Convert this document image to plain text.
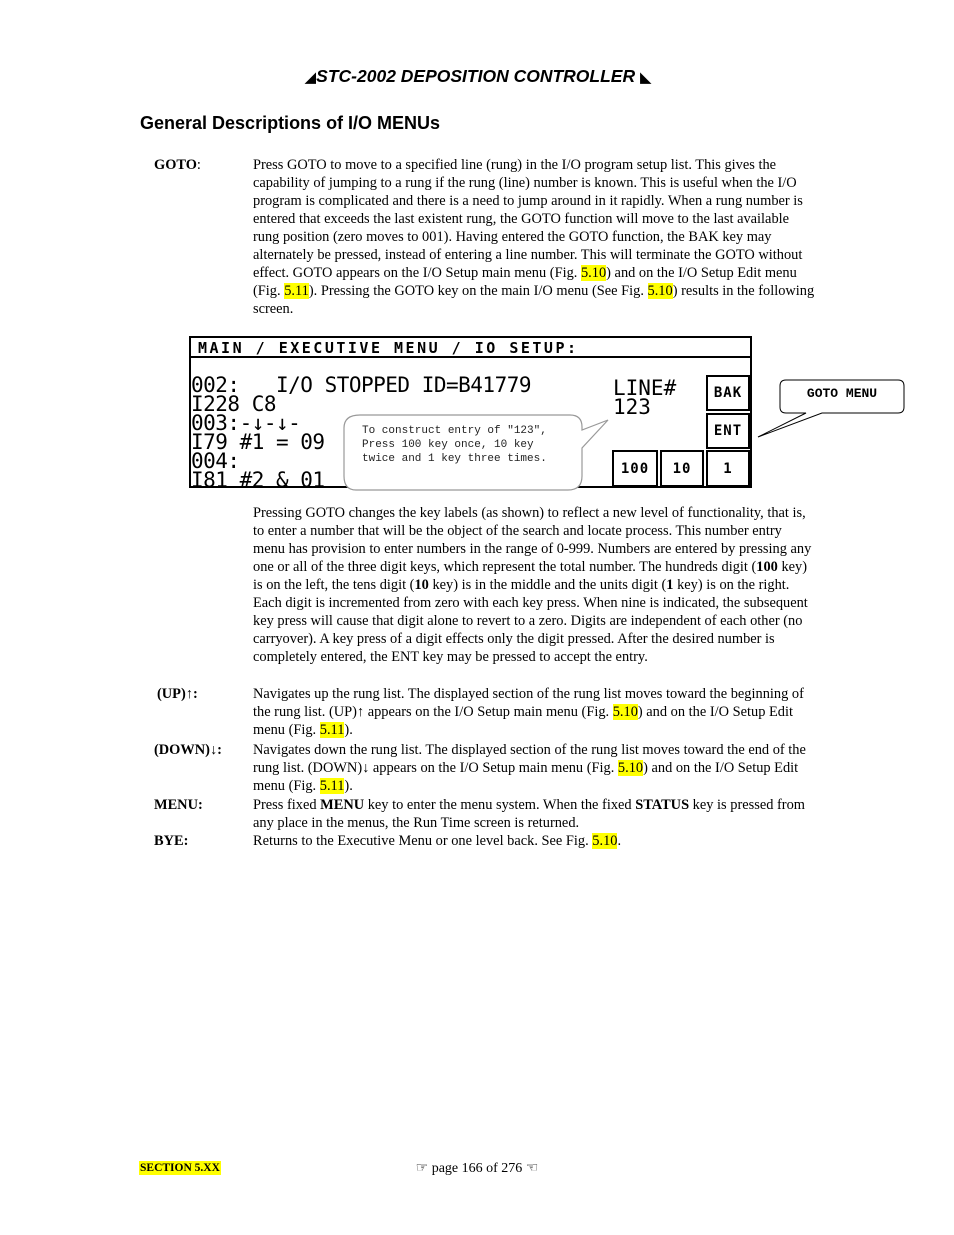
◢ STC-2002 DEPOSITION CONTROLLER ◣
General Descriptions of I/O MENUs
GOTO:	Press GOTO to move to a specified line (rung) in the I/O program setup list. This gives the capability of jumping to a rung if the rung (line) number is known. This is useful when the I/O program is complicated and there is a need to jump around in it rapidly. When a rung number is entered that exceeds the last existent rung, the GOTO function will move to the last available rung position (zero moves to 001). Having entered the GOTO function, the BAK key may alternately be pressed, instead of entering a line number. This will terminate the GOTO without effect. GOTO appears on the I/O Setup main menu (Fig. 5.10) and on the I/O Setup Edit menu (Fig. 5.11). Pressing the GOTO key on the main I/O menu (See Fig. 5.10) results in the following screen.
MAIN / EXECUTIVE MENU / IO SETUP:
002:   I/O STOPPED ID=B41779
I228 C8
003:-↓-↓-
I79 #1 = 09
004:
I81 #2 & 01
LINE#
123
BAK
ENT
100	10	1
To construct entry of "123", Press 100 key once, 10 key twice and 1 key three times.
GOTO MENU
Pressing GOTO changes the key labels (as shown) to reflect a new level of functionality, that is, to enter a number that will be the object of the search and locate process. This number entry menu has provision to enter numbers in the range of 0-999. Numbers are entered by pressing any one or all of the three digit keys, which represent the total number. The hundreds digit (100 key) is on the left, the tens digit (10 key) is in the middle and the units digit (1 key) is on the right. Each digit is incremented from zero with each key press. When nine is indicated, the subsequent key press will cause that digit alone to revert to a zero. Digits are independent of each other (no carryover). A key press of a digit effects only the digit pressed. After the desired number is completely entered, the ENT key may be pressed to accept the entry.
(UP)↑:	Navigates up the rung list. The displayed section of the rung list moves toward the beginning of the rung list. (UP)↑ appears on the I/O Setup main menu (Fig. 5.10) and on the I/O Setup Edit menu (Fig. 5.11).
(DOWN)↓: Navigates down the rung list. The displayed section of the rung list moves toward the end of the rung list. (DOWN)↓ appears on the I/O Setup main menu (Fig. 5.10) and on the I/O Setup Edit menu (Fig. 5.11).
MENU:	Press fixed MENU key to enter the menu system. When the fixed STATUS key is pressed from any place in the menus, the Run Time screen is returned.
BYE:	Returns to the Executive Menu or one level back. See Fig. 5.10.
SECTION 5.XX	☞ page 166 of 276 ☜
